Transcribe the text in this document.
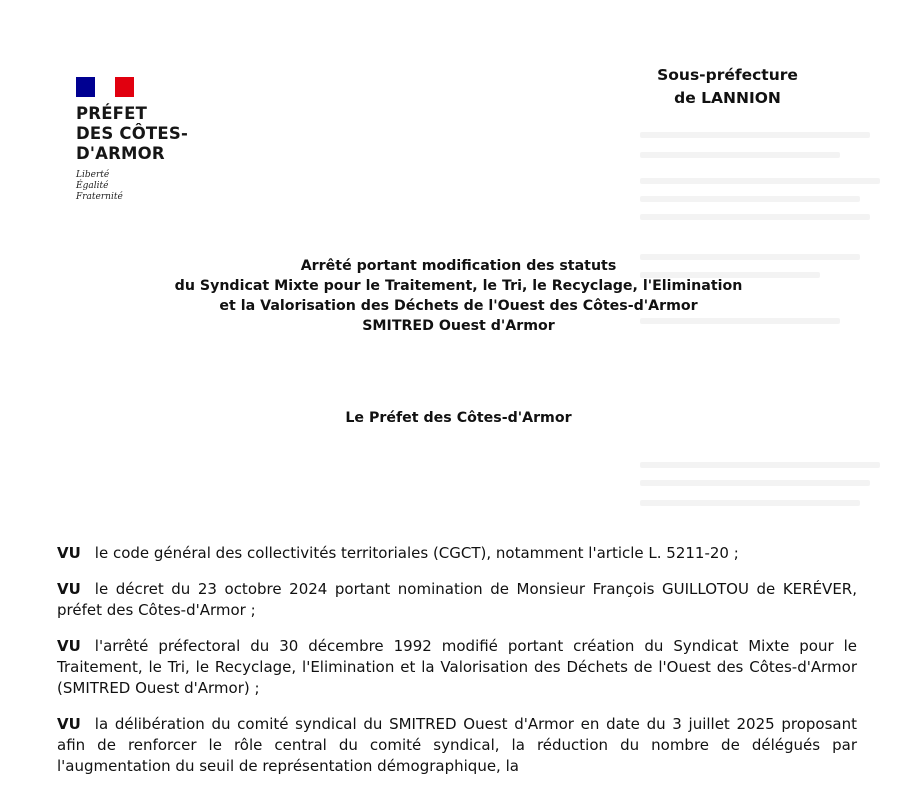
PRÉFET
DES CÔTES-
D'ARMOR
Liberté
Égalité
Fraternité
Sous-préfecture
de LANNION
Arrêté portant modification des statuts
du Syndicat Mixte pour le Traitement, le Tri, le Recyclage, l'Elimination
et la Valorisation des Déchets de l'Ouest des Côtes-d'Armor
SMITRED Ouest d'Armor
Le Préfet des Côtes-d'Armor

VU le code général des collectivités territoriales (CGCT), notamment l'article L. 5211-20 ;

VU le décret du 23 octobre 2024 portant nomination de Monsieur François GUILLOTOU de KERÉVER, préfet des Côtes-d'Armor ;

VU l'arrêté préfectoral du 30 décembre 1992 modifié portant création du Syndicat Mixte pour le Traitement, le Tri, le Recyclage, l'Elimination et la Valorisation des Déchets de l'Ouest des Côtes-d'Armor (SMITRED Ouest d'Armor) ;

VU la délibération du comité syndical du SMITRED Ouest d'Armor en date du 3 juillet 2025 proposant afin de renforcer le rôle central du comité syndical, la réduction du nombre de délégués par l'augmentation du seuil de représentation démographique, la
